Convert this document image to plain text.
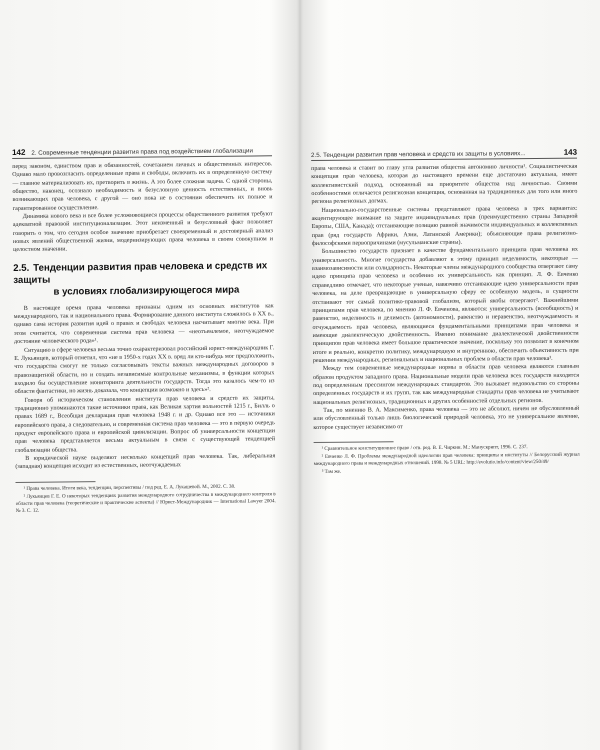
142 2. Современные тенденции развития права под воздействием глобализации

перед законом, единством прав и обязанностей, сочетанием личных и общественных интересов. Однако мало провозгласить определенные права и свободы, включить их в определенную систему — главное материализовать их, претворить в жизнь. А это более сложная задача. С одной стороны, общество, наконец, осознало необходимость и безусловную ценность естественных, и вновь возникающих прав человека, с другой — оно пока не в состоянии обеспечить их полное и гарантированное осуществление.

Динамика нового века и все более усложняющиеся процессы общественного развития требуют адекватной правовой институционализации. Этот неизменный и безусловный факт позволяет говорить о том, что сегодня особое значение приобретает своевременный и достоверный анализ новых явлений общественной жизни, модернизирующих права человека в своем совокупном и целостном значении.

2.5. Тенденции развития прав человека и средств их защиты
в условиях глобализирующегося мира

В настоящее время права человека признаны одним из основных институтов как международного, так и национального права. Формирование данного института сложилось в XX в., однако сама история развития идей о правах и свободах человека насчитывает многие века. При этом считается, что современная система прав человека — «неотъемлемое, неотчуждаемое достояние человеческого рода»¹.

Ситуацию в сфере человека весьма точно охарактеризовал российский юрист-международник Г. Е. Лукьянцев, который отметил, что «не в 1950-х годах XX в. вряд ли кто-нибудь мог предположить, что государства смогут не только согласовывать тексты важных международных договоров в правозащитной области, но и создать независимые контрольные механизмы, в функции которых входило бы осуществление мониторинга деятельности государств. Тогда это казалось чем-то из области фантастики, но жизнь доказала, что концепции возможно и здесь»².

Говоря об историческом становлении института прав человека и средств их защиты, традиционно упоминаются такие источники права, как Великая хартия вольностей 1215 г., Билль о правах 1689 г., Всеобщая декларация прав человека 1948 г. и др. Однако все это — источники европейского права, а следовательно, и современная система прав человека — это в первую очередь продукт европейского права и европейской цивилизации. Вопрос об универсальности концепции прав человека представляется весьма актуальным в связи с существующей тенденцией глобализации общества.

В юридической науке выделяют несколько концепций прав человека. Так, либеральная (западная) концепция исходит из естественных, неотчуждаемых

¹ Права человека. Итоги века, тенденции, перспективы / под ред. Е. А. Лукашевой. М., 2002. С. 38.

² Лукьянцев Г. Е. О некоторых тенденциях развития международного сотрудничества в международного контроля в области прав человека (теоретические и практические аспекты) // Юрист-Международник — International Lawyer 2004. № 3. С. 12.

2.5. Тенденции развития прав человека и средств их защиты в условиях...	143

права человека и ставит во главу угла развития общества автономию личности¹. Социалистическая концепция прав человека, которая до настоящего времени еще достаточно актуальна, имеет коллективистский подход, основанный на приоритете общества над личностью. Своими особенностями отличается религиозная концепция, основанная на традиционных для того или иного региона религиозных догмах.

Национально-государственные системы представляют права человека в трех вариантах: акцентирующее внимание на защите индивидуальных прав (преимущественно страны Западной Европы, США, Канада); отстаивающие позицию равной значимости индивидуальных и коллективных прав (ряд государств Африки, Азии, Латинской Америки); объясняющие права религиозно-философскими первопричинами (мусульманские страны).

Большинство государств признает в качестве фундаментального принципа прав человека их универсальность. Многие государства добавляют к этому принцип неделимости, некоторые — взаимозависимости или солидарность. Некоторые члены международного сообщества отвергают саму идею принципа прав человека и особенно их универсальность как принцип. Л. Ф. Евченко справедливо отмечает, что некоторые ученые, навязчиво отстаивающие идею универсальности прав человека, на деле превращающие в универсальную сферу ее особенную модель, в сущности отстаивают тот самый политико-правовой глобализм, который якобы отвергают². Важнейшими принципами прав человека, по мнению Л. Ф. Евченова, являются: универсальность (всеобщность) и равенство, неделимость и делимость (автономности), равенство и неравенство, неотчуждаемость и отчуждаемость прав человека, являющиеся фундаментальными принципами прав человека и имеющие диалектическую двойственность. Именно понимание диалектической двойственности принципов прав человека имеет большое практическое значение, поскольку это позволит в конечном итоге и реально, конкретно политику, международную и внутреннюю, обеспечить объективность при решении международных, региональных и национальных проблем в области прав человека³.

Между тем современные международные нормы в области прав человека являются главным образом продуктом западного права. Национальные модели прав человека всех государств находятся под определенным прессингом международных стандартов. Это вызывает недовольство со стороны определенных государств и их групп, так как международные стандарты прав человека не учитывают национальных религиозных, традиционных и других особенностей отдельных регионов.

Так, по мнению В. А. Максименко, права человека — это не абсолют, ничем не обусловленный или обусловленный только лишь биологической природой человека, это не универсальное явление, которое существует независимо от

¹ Сравнительное конституционное право / отв. ред. В. Е. Чиркин. М.: Манускрипт, 1996. С. 237.

² Евченко Л. Ф. Проблемы международной идеологии прав человека: принципы и институты // Белорусский журнал международного права и международных отношений. 1998. № 5 URL: http://evolutio.info/content/view/250/49/

³ Там же.
